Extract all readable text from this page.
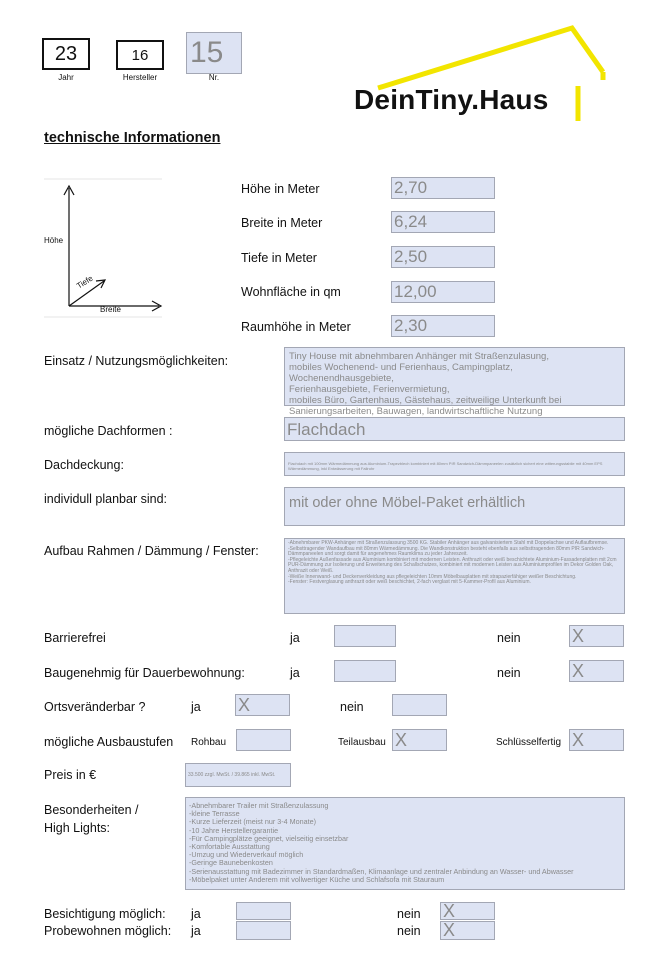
23
Jahr
16
Hersteller
15
Nr.
DeinTiny.Haus
technische Informationen
Höhe
Tiefe
Breite
Höhe in Meter	2,70
Breite in Meter	6,24
Tiefe in Meter	2,50
Wohnfläche in qm	12,00
Raumhöhe in Meter	2,30
Einsatz / Nutzungsmöglichkeiten:	Tiny House mit abnehmbaren Anhänger mit Straßenzulasung,
mobiles Wochenend- und Ferienhaus, Campingplatz, Wochenendhausgebiete,
Ferienhausgebiete, Ferienvermietung,
mobiles Büro, Gartenhaus, Gästehaus, zeitweilige Unterkunft bei
Sanierungsarbeiten, Bauwagen, landwirtschaftliche Nutzung
mögliche Dachformen :	Flachdach
Dachdeckung:	Flachdach mit 100mm Wärmedämmung aus Aluminium-Trapezblech kombiniert mit 80mm PIR Sandwich-Dämmpaneelen zusätzlich sichert eine witterungsstabile mit 40mm EPS Wärmedämmung, inkl Entwässerung mit Fallrohr
individull planbar sind:	mit oder ohne Möbel-Paket erhältlich
Aufbau Rahmen / Dämmung / Fenster:
-Abnehmbarer PKW-Anhänger mit Straßenzulassung 3500 KG. Stabiler Anhänger aus galvanisiertem Stahl mit Doppelachse und Auflaufbremse.
-Selbsttragender Wandaufbau mit 80mm Wärmedämmung. Die Wandkonstruktion besteht ebenfalls aus selbsttragenden 80mm PIR Sandwich-Dämmpaneelen und sorgt damit für angenehmes Raumklima zu jeder Jahreszeit.
-Pflegeleichte Außenfassade aus Aluminium kombiniert mit modernen Leisten. Anthrazit oder weiß beschichtete Aluminium-Fassadenplatten mit 2cm PUR-Dämmung zur Isolierung und Erweiterung des Schallschutzes, kombiniert mit modernen Leisten aus Aluminiumprofilen im Dekor Golden Oak, Anthrazit oder Weiß.
-Weiße Innenwand- und Deckenverkleidung aus pflegeleichten 10mm Möbelbauplatten mit strapazierfähiger weißer Beschichtung.
-Fenster: Festverglasung anthrazit oder weiß beschichtet, 2-fach verglast mit 5-Kammer-Profil aus Aluminium.
Barrierefrei	ja	nein	X
Baugenehmig für Dauerbewohnung:	ja	nein	X
Ortsveränderbar ?	ja X	nein
mögliche Ausbaustufen Rohbau	Teilausbau X	Schlüsselfertig X
Preis in €	33.500 zzgl. MwSt. / 39.865 inkl. MwSt.
Besonderheiten /
High Lights:
-Abnehmbarer Trailer mit Straßenzulassung
-kleine Terrasse
-Kurze Lieferzeit (meist nur 3-4 Monate)
-10 Jahre Herstellergarantie
-Für Campingplätze geeignet, vielseitig einsetzbar
-Komfortable Ausstattung
-Umzug und Wiederverkauf möglich
-Geringe Baunebenkosten
-Serienausstattung mit Badezimmer in Standardmaßen, Klimaanlage und zentraler Anbindung an Wasser- und Abwasser
-Möbelpaket unter Anderem mit vollwertiger Küche und Schlafsofa mit Stauraum
Besichtigung möglich: ja	nein X
Probewohnen möglich: ja	nein X
